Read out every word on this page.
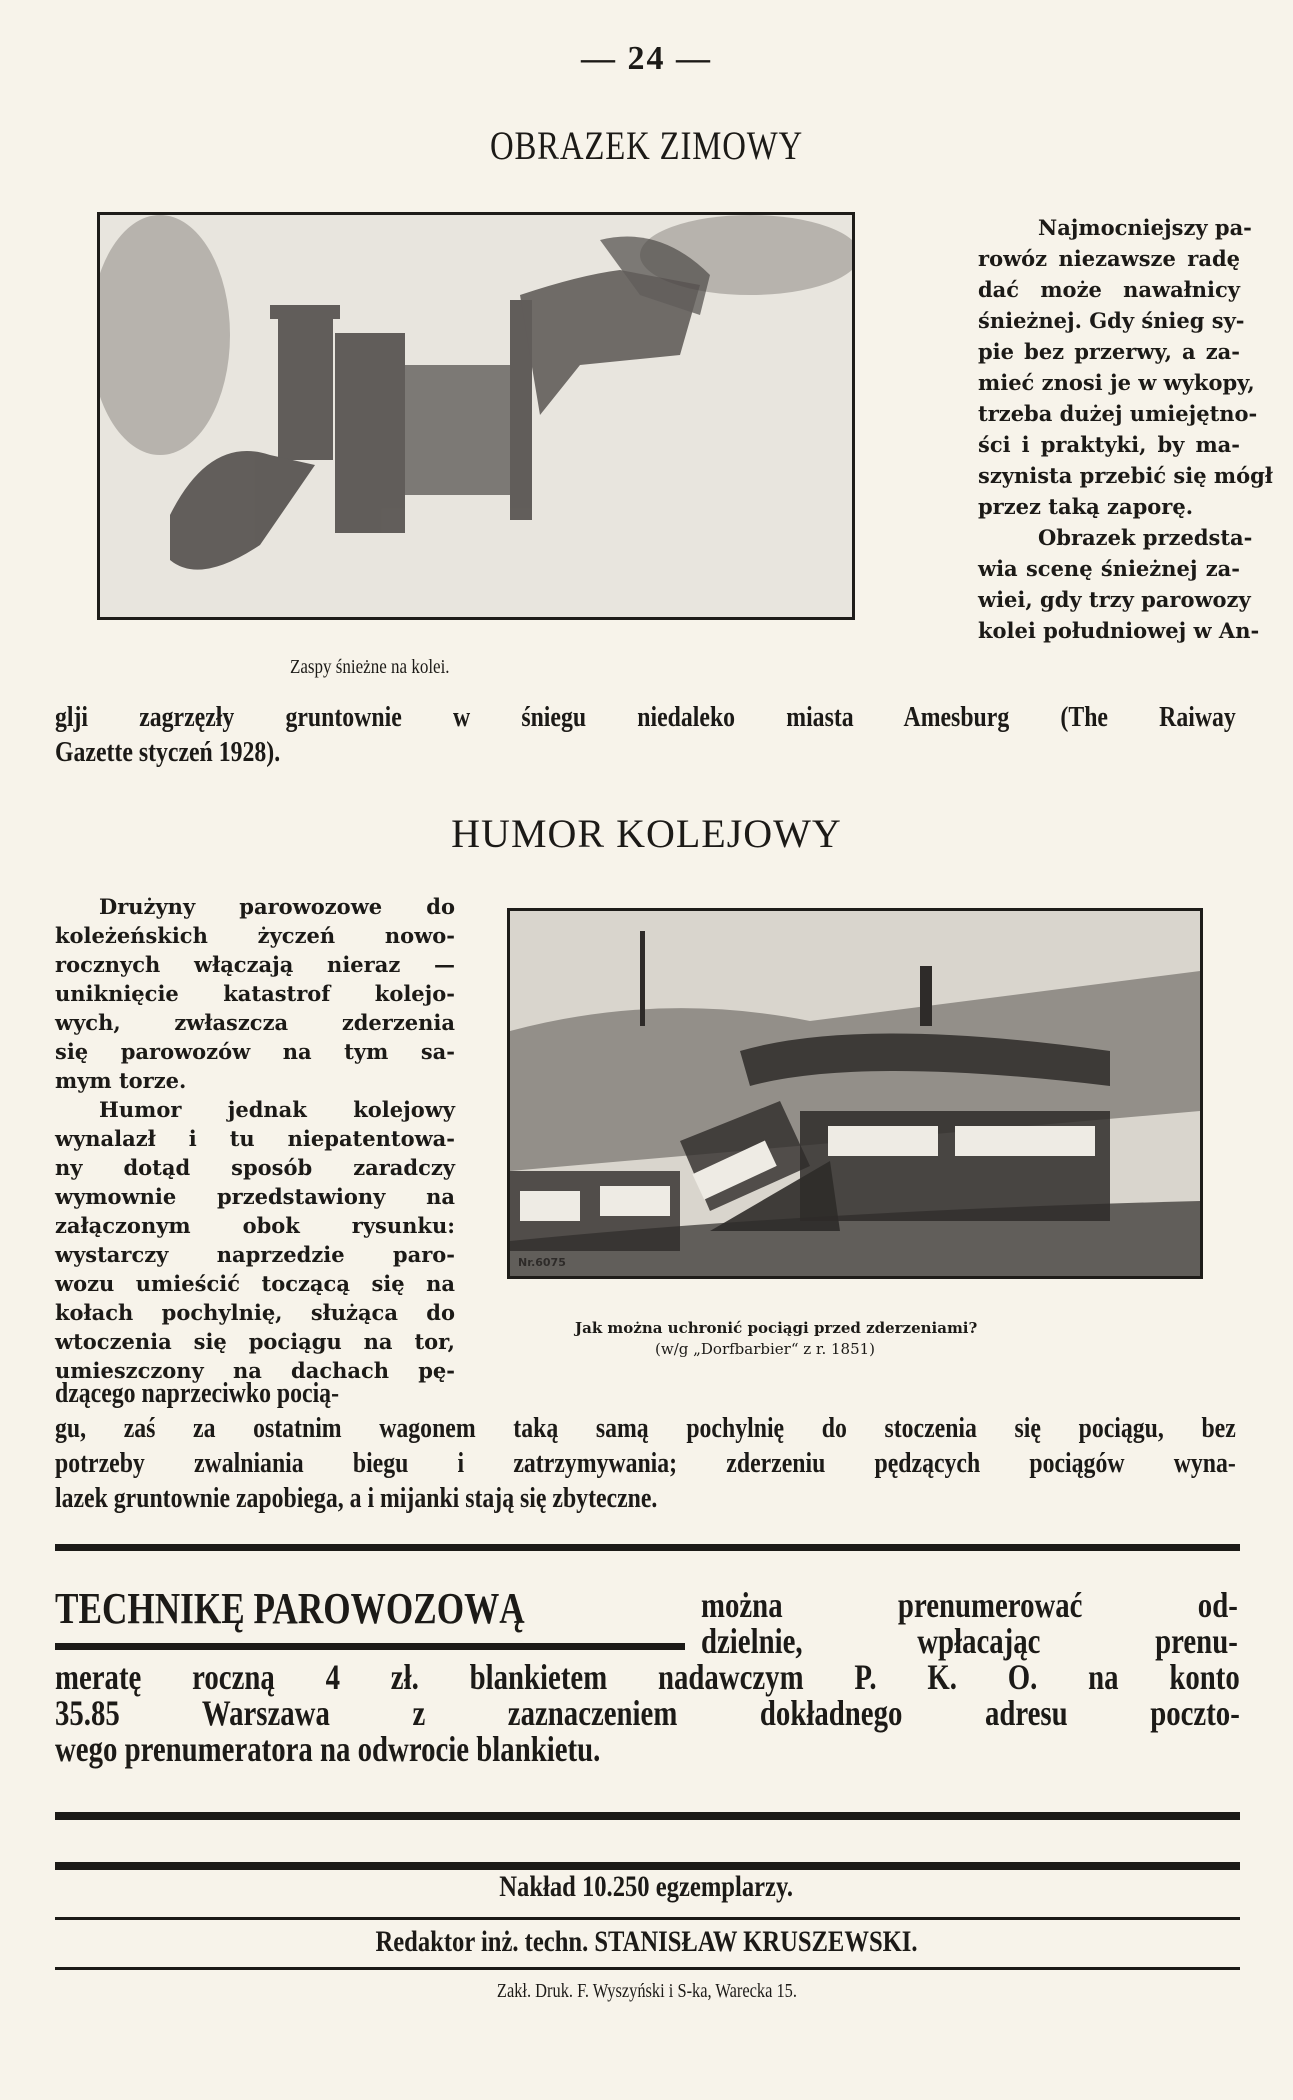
— 24 —
OBRAZEK ZIMOWY
Najmocniejszy pa-
rowóz niezawsze radę
dać może nawałnicy
śnieżnej. Gdy śnieg sy-
pie bez przerwy, a za-
mieć znosi je w wykopy,
trzeba dużej umiejętno-
ści i praktyki, by ma-
szynista przebić się mógł
przez taką zaporę.
Obrazek przedsta-
wia scenę śnieżnej za-
wiei, gdy trzy parowozy
kolei południowej w An-
Zaspy śnieżne na kolei.
glji zagrzęzły gruntownie w śniegu niedaleko miasta Amesburg (The Raiway
Gazette styczeń 1928).
HUMOR KOLEJOWY
Drużyny parowozowe do
koleżeńskich życzeń nowo-
rocznych włączają nieraz —
uniknięcie katastrof kolejo-
wych, zwłaszcza zderzenia
się parowozów na tym sa-
mym torze.
Humor jednak kolejowy
wynalazł i tu niepatentowa-
ny dotąd sposób zaradczy
wymownie przedstawiony na
załączonym obok rysunku:
wystarczy naprzedzie paro-
wozu umieścić toczącą się na
kołach pochylnię, służąca do
wtoczenia się pociągu na tor,
umieszczony na dachach pę-
Nr.6075
Jak można uchronić pociągi przed zderzeniami?
(w/g „Dorfbarbier“ z r. 1851)
dzącego naprzeciwko pocią-
gu, zaś za ostatnim wagonem taką samą pochylnię do stoczenia się pociągu, bez
potrzeby zwalniania biegu i zatrzymywania; zderzeniu pędzących pociągów wyna-
lazek gruntownie zapobiega, a i mijanki stają się zbyteczne.
TECHNIKĘ PAROWOZOWĄ	można prenumerować od-
dzielnie, wpłacając prenu-
meratę roczną 4 zł. blankietem nadawczym P. K. O. na konto
35.85 Warszawa z zaznaczeniem dokładnego adresu poczto-
wego prenumeratora na odwrocie blankietu.
Nakład 10.250 egzemplarzy.
Redaktor inż. techn. STANISŁAW KRUSZEWSKI.
Zakł. Druk. F. Wyszyński i S-ka, Warecka 15.
